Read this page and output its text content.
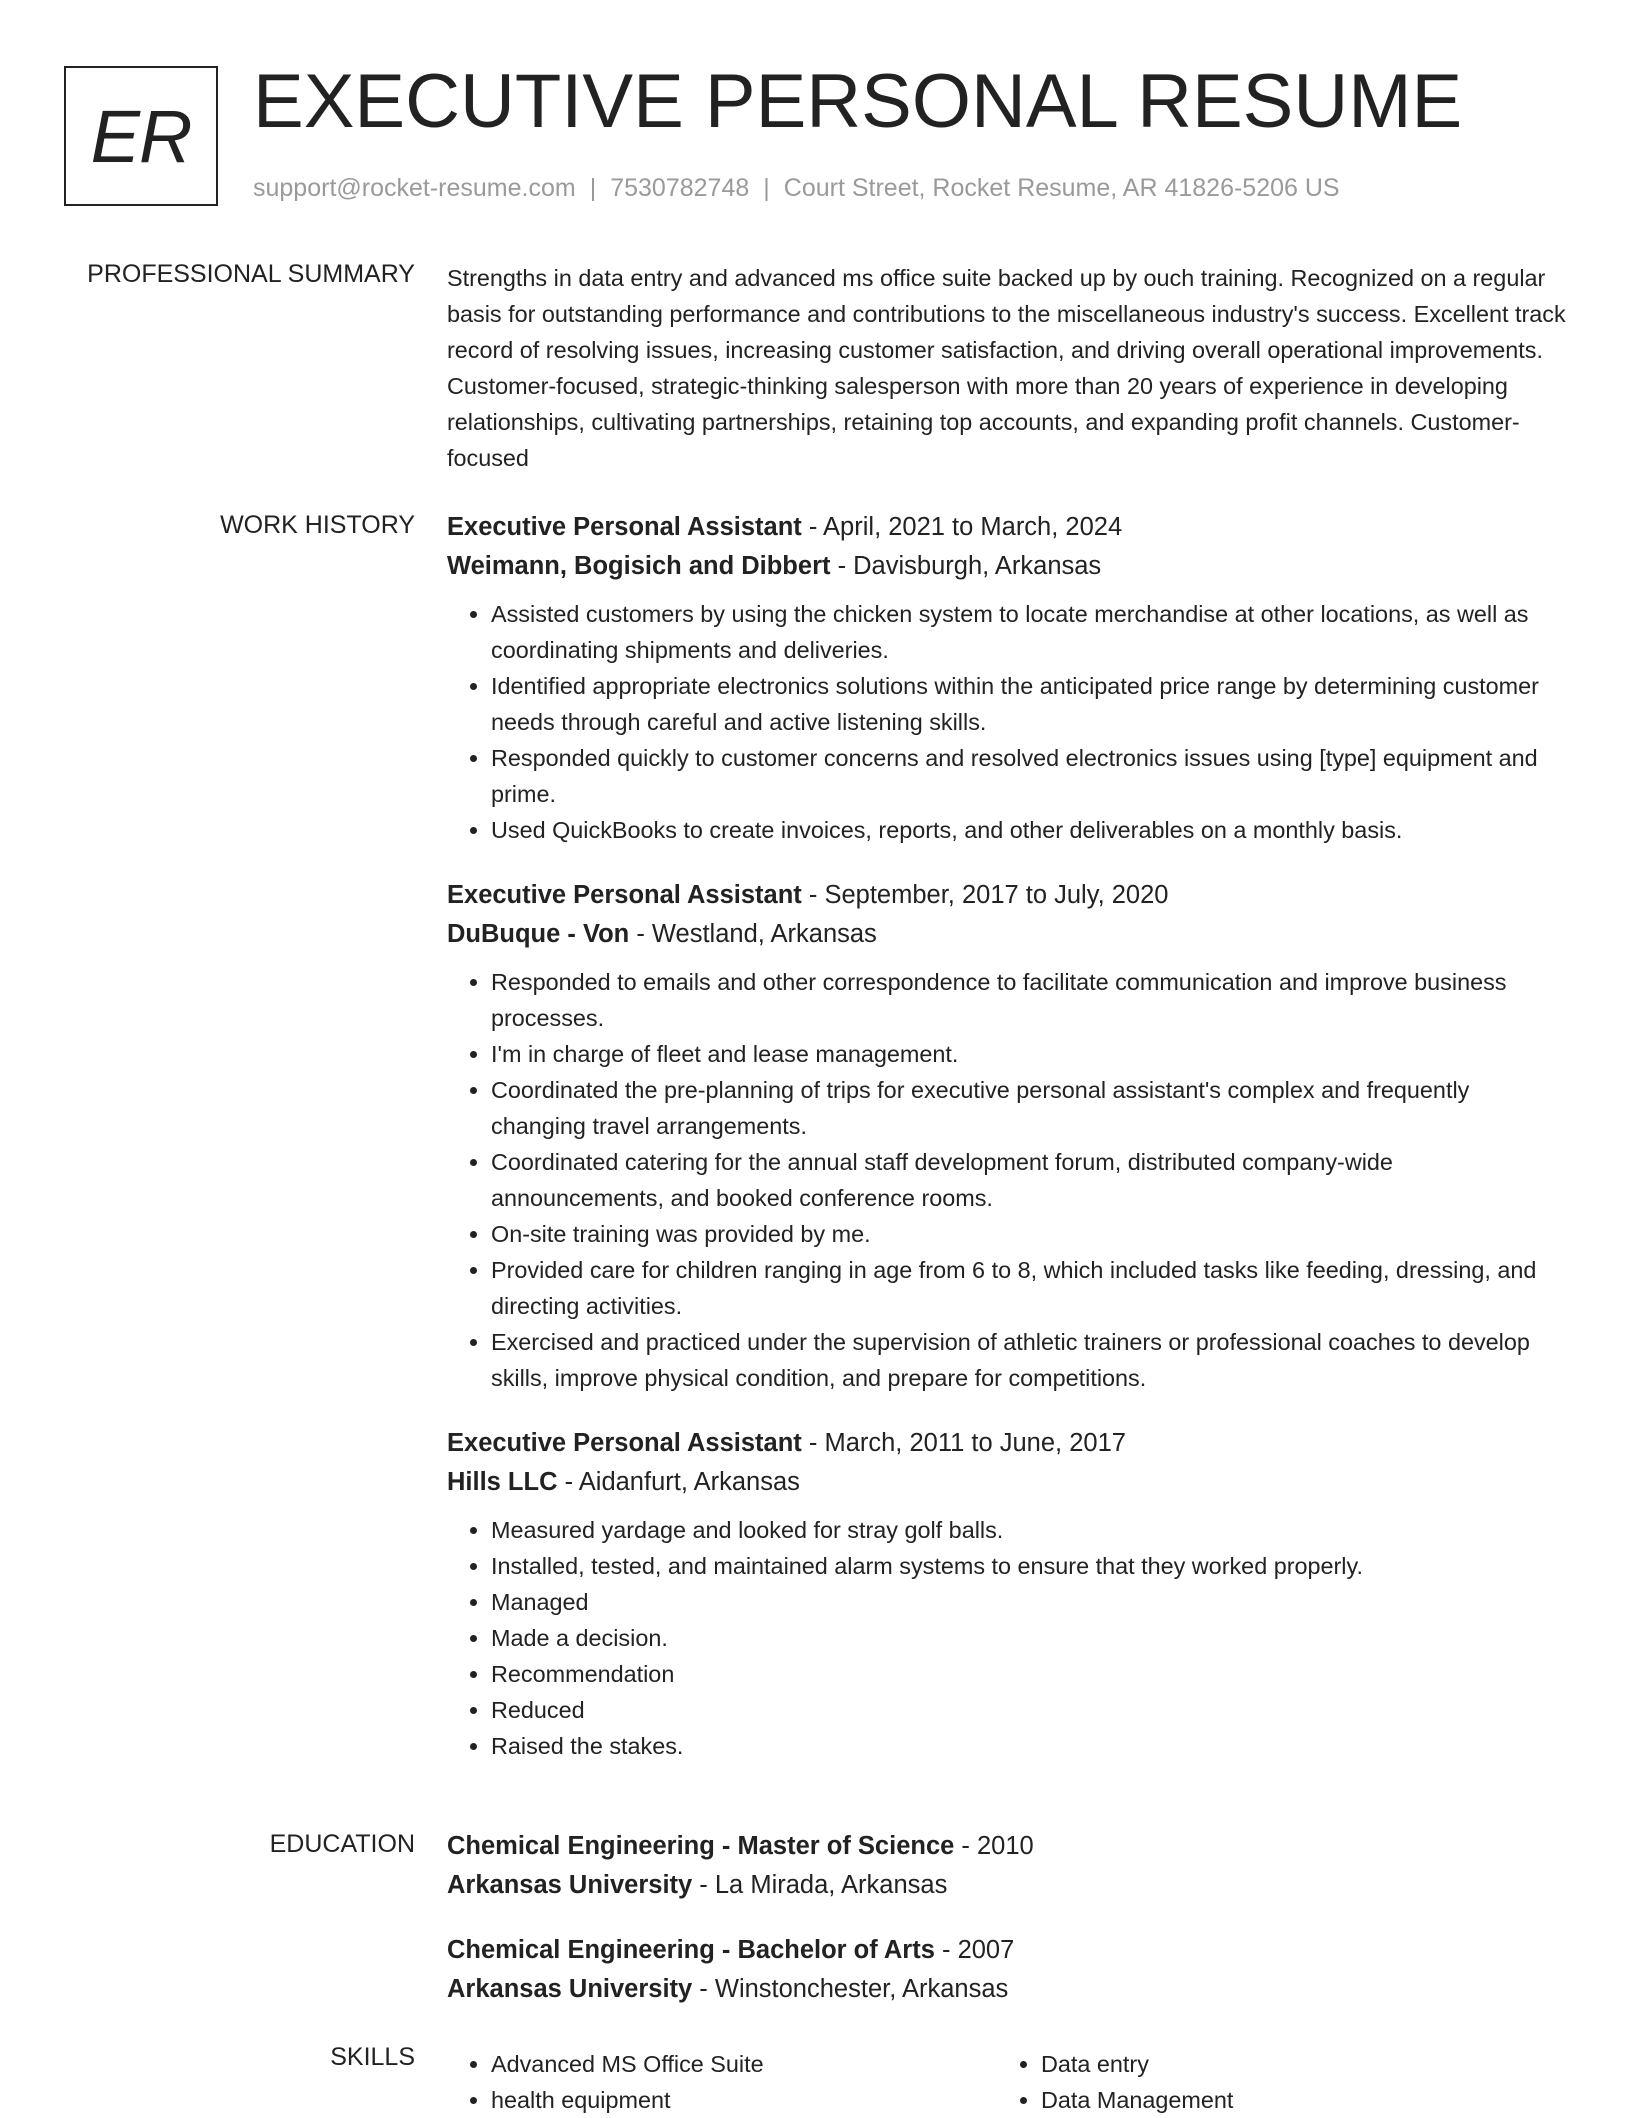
ER EXECUTIVE PERSONAL RESUME
support@rocket-resume.com | 7530782748 | Court Street, Rocket Resume, AR 41826-5206 US
PROFESSIONAL SUMMARY Strengths in data entry and advanced ms office suite backed up by ouch training. Recognized on a regular basis for outstanding performance and contributions to the miscellaneous industry's success. Excellent track record of resolving issues, increasing customer satisfaction, and driving overall operational improvements. Customer-focused, strategic-thinking salesperson with more than 20 years of experience in developing relationships, cultivating partnerships, retaining top accounts, and expanding profit channels. Customer-focused

WORK HISTORY Executive Personal Assistant - April, 2021 to March, 2024
Weimann, Bogisich and Dibbert - Davisburgh, Arkansas
• Assisted customers by using the chicken system to locate merchandise at other locations, as well as coordinating shipments and deliveries.
• Identified appropriate electronics solutions within the anticipated price range by determining customer needs through careful and active listening skills.
• Responded quickly to customer concerns and resolved electronics issues using [type] equipment and prime.
• Used QuickBooks to create invoices, reports, and other deliverables on a monthly basis.
Executive Personal Assistant - September, 2017 to July, 2020
DuBuque - Von - Westland, Arkansas
• Responded to emails and other correspondence to facilitate communication and improve business processes.
• I'm in charge of fleet and lease management.
• Coordinated the pre-planning of trips for executive personal assistant's complex and frequently changing travel arrangements.
• Coordinated catering for the annual staff development forum, distributed company-wide announcements, and booked conference rooms.
• On-site training was provided by me.
• Provided care for children ranging in age from 6 to 8, which included tasks like feeding, dressing, and directing activities.
• Exercised and practiced under the supervision of athletic trainers or professional coaches to develop skills, improve physical condition, and prepare for competitions.
Executive Personal Assistant - March, 2011 to June, 2017
Hills LLC - Aidanfurt, Arkansas
• Measured yardage and looked for stray golf balls.
• Installed, tested, and maintained alarm systems to ensure that they worked properly.
• Managed
• Made a decision.
• Recommendation
• Reduced
• Raised the stakes.
EDUCATION Chemical Engineering - Master of Science - 2010
Arkansas University - La Mirada, Arkansas
Chemical Engineering - Bachelor of Arts - 2007
Arkansas University - Winstonchester, Arkansas
SKILLS
•	Advanced MS Office Suite
• health equipment
• Data entry
• Data Management
